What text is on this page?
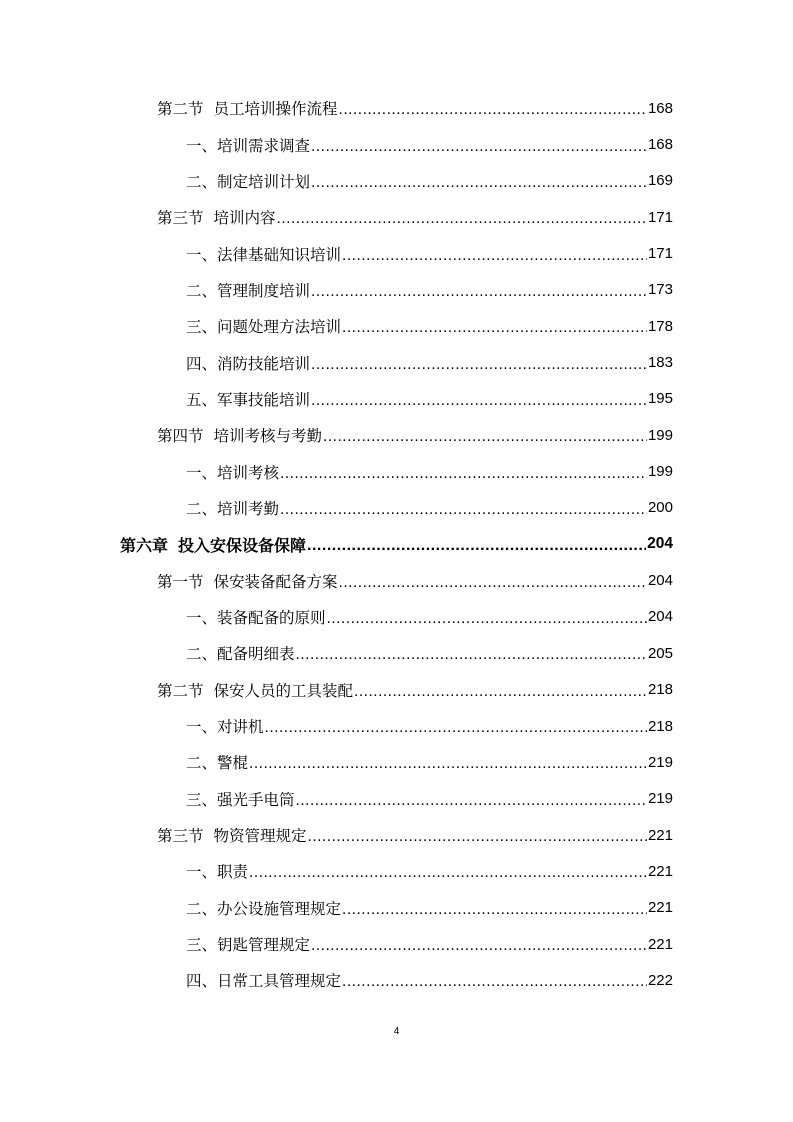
第二节 员工培训操作流程 .....	168
一、培训需求调查 .....	168
二、制定培训计划 .....	169
第三节 培训内容 .....	171
一、法律基础知识培训 .....	171
二、管理制度培训 .....	173
三、问题处理方法培训 .....	178
四、消防技能培训 .....	183
五、军事技能培训 .....	195
第四节 培训考核与考勤 .....	199
一、培训考核 .....	199
二、培训考勤 .....	200
第六章 投入安保设备保障 .....	204
第一节 保安装备配备方案 .....	204
一、装备配备的原则 .....	204
二、配备明细表 .....	205
第二节 保安人员的工具装配 .....	218
一、对讲机 .....	218
二、警棍 .....	219
三、强光手电筒 .....	219
第三节 物资管理规定 .....	221
一、职责 .....	221
二、办公设施管理规定 .....	221
三、钥匙管理规定 .....	221
四、日常工具管理规定 .....	222
4
